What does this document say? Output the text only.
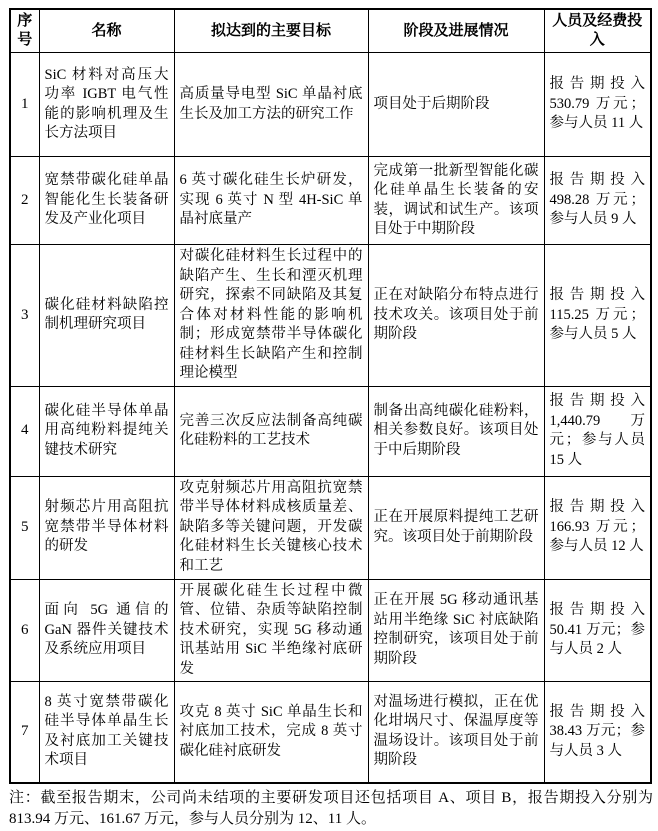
序号	名称	拟达到的主要目标	阶段及进展情况	人员及经费投入
1	SiC 材料对高压大功率 IGBT 电气性能的影响机理及生长方法项目	高质量导电型 SiC 单晶衬底生长及加工方法的研究工作	项目处于后期阶段	报告期投入 530.79 万元；参与人员 11 人
2	宽禁带碳化硅单晶智能化生长装备研发及产业化项目	6 英寸碳化硅生长炉研发，实现 6 英寸 N 型 4H-SiC 单晶衬底量产	完成第一批新型智能化碳化硅单晶生长装备的安装，调试和试生产。该项目处于中期阶段	报告期投入 498.28 万元；参与人员 9 人
3	碳化硅材料缺陷控制机理研究项目	对碳化硅材料生长过程中的缺陷产生、生长和湮灭机理研究，探索不同缺陷及其复合体对材料性能的影响机制；形成宽禁带半导体碳化硅材料生长缺陷产生和控制理论模型	正在对缺陷分布特点进行技术攻关。该项目处于前期阶段	报告期投入 115.25 万元；参与人员 5 人
4	碳化硅半导体单晶用高纯粉料提纯关键技术研究	完善三次反应法制备高纯碳化硅粉料的工艺技术	制备出高纯碳化硅粉料，相关参数良好。该项目处于中后期阶段	报告期投入 1,440.79 万元；参与人员 15 人
5	射频芯片用高阻抗宽禁带半导体材料的研发	攻克射频芯片用高阻抗宽禁带半导体材料成核质量差、缺陷多等关键问题，开发碳化硅材料生长关键核心技术和工艺	正在开展原料提纯工艺研究。该项目处于前期阶段	报告期投入 166.93 万元；参与人员 12 人
6	面向 5G 通信的 GaN 器件关键技术及系统应用项目	开展碳化硅生长过程中微管、位错、杂质等缺陷控制技术研究，实现 5G 移动通讯基站用 SiC 半绝缘衬底研发	正在开展 5G 移动通讯基站用半绝缘 SiC 衬底缺陷控制研究，该项目处于前期阶段	报告期投入 50.41 万元；参与人员 2 人
7	8 英寸宽禁带碳化硅半导体单晶生长及衬底加工关键技术项目	攻克 8 英寸 SiC 单晶生长和衬底加工技术，完成 8 英寸碳化硅衬底研发	对温场进行模拟，正在优化坩埚尺寸、保温厚度等温场设计。该项目处于前期阶段	报告期投入 38.43 万元；参与人员 3 人
注：截至报告期末，公司尚未结项的主要研发项目还包括项目 A、项目 B，报告期投入分别为 813.94 万元、161.67 万元，参与人员分别为 12、11 人。
